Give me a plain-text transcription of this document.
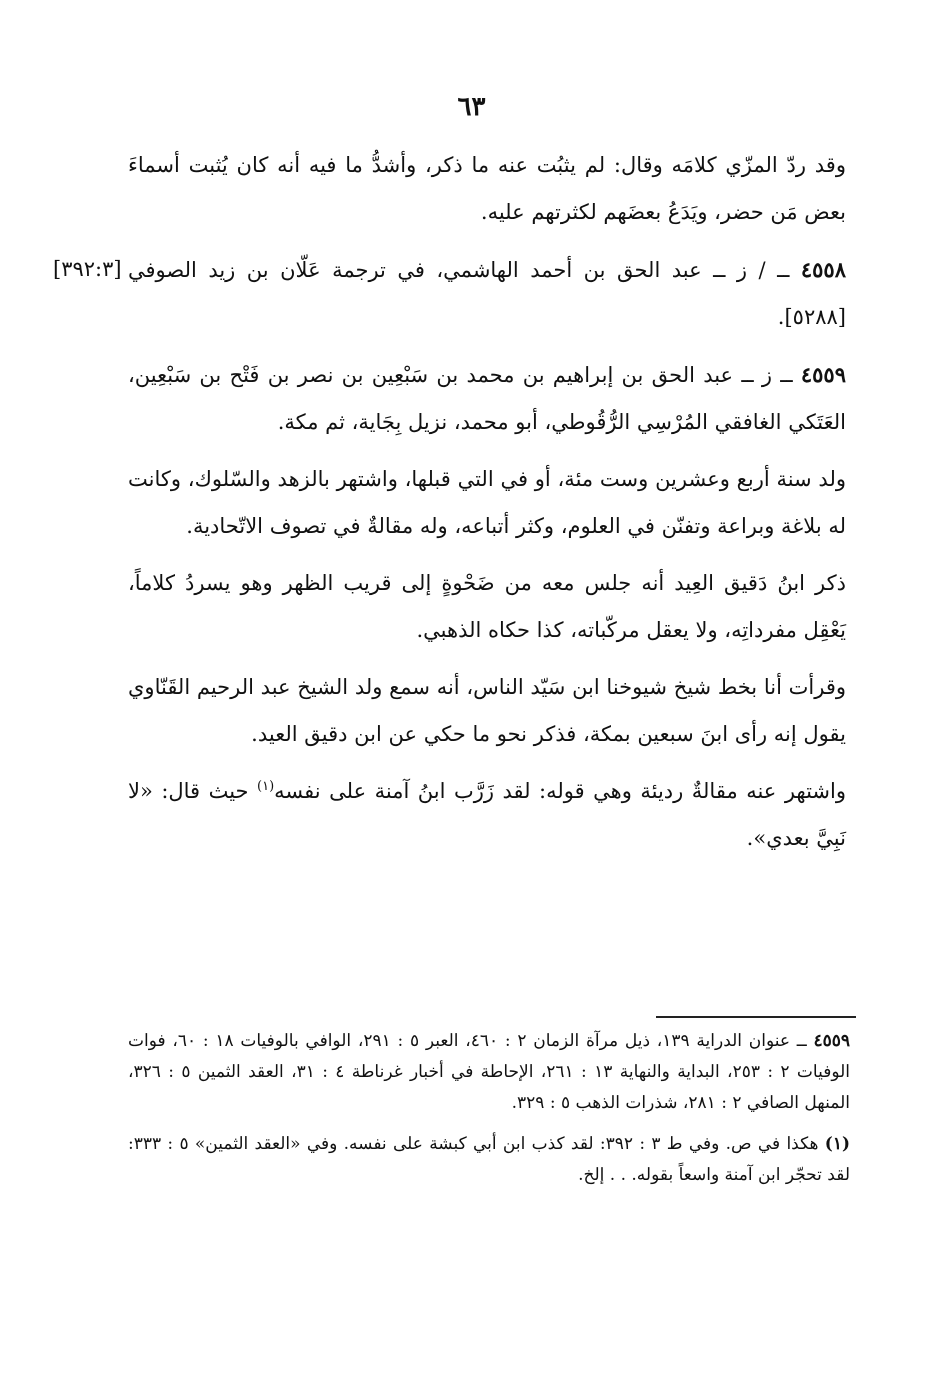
٦٣

وقد ردّ المزّي كلامَه وقال: لم يثبُت عنه ما ذكر، وأشدُّ ما فيه أنه كان يُثبت أسماءَ بعض مَن حضر، ويَدَعُ بعضَهم لكثرتهم عليه.

٤٥٥٨ ــ / ز ــ عبد الحق بن أحمد الهاشمي، في ترجمة عَلّان بن زيد الصوفي [٥٢٨٨].
[٣٩٢:٣]

٤٥٥٩ ــ ز ــ عبد الحق بن إبراهيم بن محمد بن سَبْعِين بن نصر بن فَتْح بن سَبْعِين، العَتَكي الغافقي المُرْسِي الرُّقُوطي، أبو محمد، نزيل بِجَاية، ثم مكة.

ولد سنة أربع وعشرين وست مئة، أو في التي قبلها، واشتهر بالزهد والسّلوك، وكانت له بلاغة وبراعة وتفنّن في العلوم، وكثر أتباعه، وله مقالةٌ في تصوف الاتّحادية.

ذكر ابنُ دَقيق العِيد أنه جلس معه من ضَحْوةٍ إلى قريب الظهر وهو يسردُ كلاماً، يَعْقِل مفرداتِه، ولا يعقل مركّباته، كذا حكاه الذهبي.

وقرأت أنا بخط شيخ شيوخنا ابن سَيّد الناس، أنه سمع ولد الشيخ عبد الرحيم القَنّاوي يقول إنه رأى ابنَ سبعين بمكة، فذكر نحو ما حكي عن ابن دقيق العيد.

واشتهر عنه مقالةٌ رديئة وهي قوله: لقد زَرَّب ابنُ آمنة على نفسه$^{(١)}$ حيث قال: «لا نَبِيَّ بعدي».

٤٥٥٩ ــ عنوان الدراية ١٣٩، ذيل مرآة الزمان ٢ : ٤٦٠، العبر ٥ : ٢٩١، الوافي بالوفيات ١٨ : ٦٠، فوات الوفيات ٢ : ٢٥٣، البداية والنهاية ١٣ : ٢٦١، الإحاطة في أخبار غرناطة ٤ : ٣١، العقد الثمين ٥ : ٣٢٦، المنهل الصافي ٢ : ٢٨١، شذرات الذهب ٥ : ٣٢٩.

(١) هكذا في ص. وفي ط ٣ : ٣٩٢: لقد كذب ابن أبي كبشة على نفسه. وفي «العقد الثمين» ٥ : ٣٣٣: لقد تحجّر ابن آمنة واسعاً بقوله. . . إلخ.
